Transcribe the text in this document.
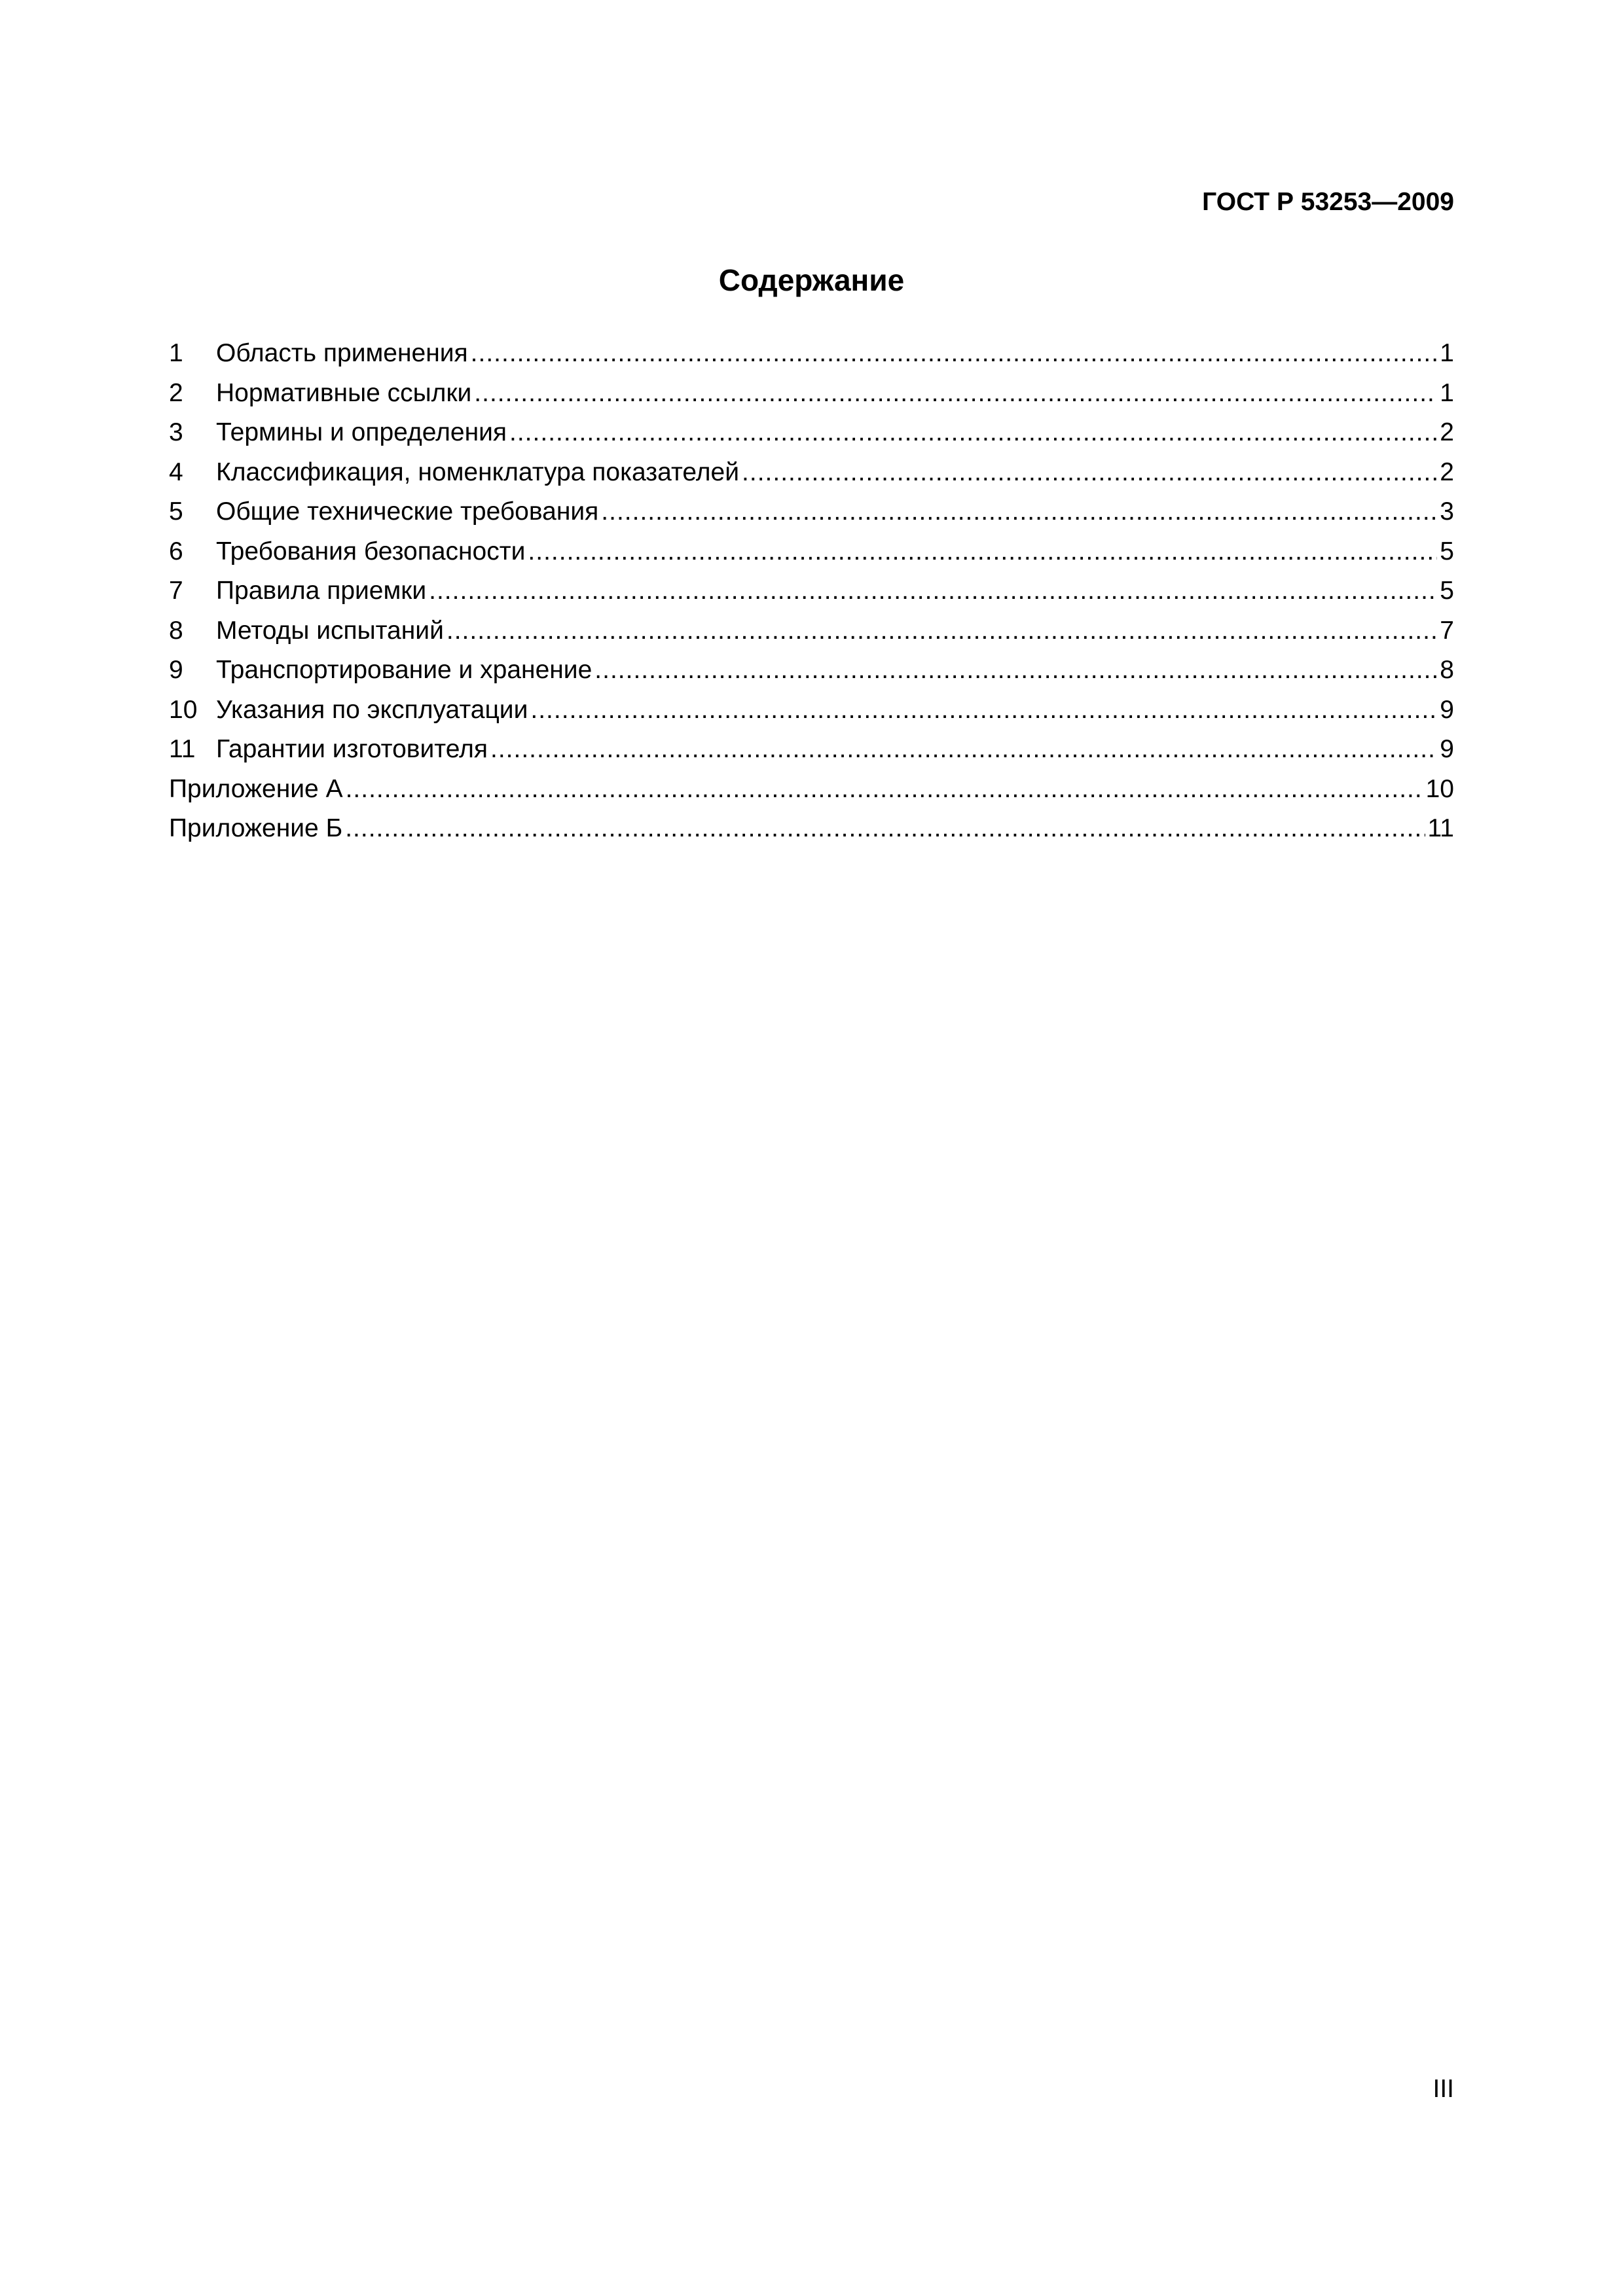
ГОСТ Р 53253—2009
Содержание
1	Область применения .....	1
2	Нормативные ссылки .....	1
3	Термины и определения .....	2
4	Классификация, номенклатура показателей .....	2
5	Общие технические требования .....	3
6	Требования безопасности .....	5
7	Правила приемки .....	5
8	Методы испытаний .....	7
9	Транспортирование и хранение .....	8
10 Указания по эксплуатации .....	9
11 Гарантии изготовителя .....	9
Приложение А .....	10
Приложение Б .....	11
III
